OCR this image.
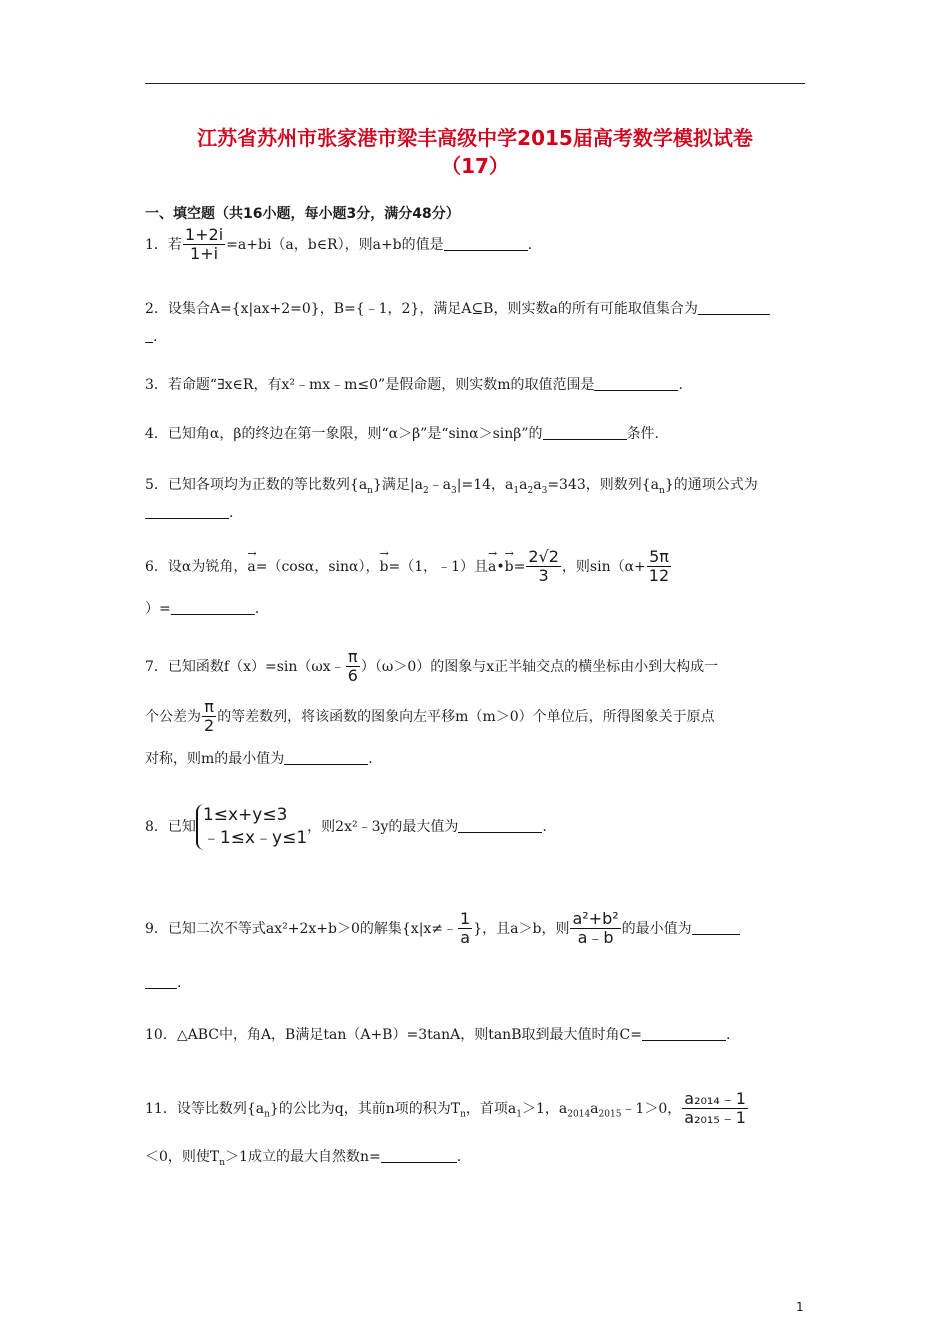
江苏省苏州市张家港市梁丰高级中学2015届高考数学模拟试卷
（17）
一、填空题（共16小题，每小题3分，满分48分）
1．若 $\frac{1+2i}{1+i} =a+bi(a$，b∈R），则a+b的值是	.
2．设集合A={x|ax+2=0}，B={﹣1，2}，满足A⊆B，则实数a的所有可能取值集合为
.
3．若命题“∃x∈R，有x²﹣mx﹣m≤0”是假命题，则实数m的取值范围是	.
4．已知角α，β的终边在第一象限，则“α＞β”是“sinα＞sinβ”的	条件.
5．已知各项均为正数的等比数列$\{a_n\}$满足$|a_2﹣a_3|=14$，$a_1a_2a_3=343$，则数列$\{a_n\}$的通项公式为
.
6．设α为锐角，→ a=（cosα，sinα），→ b=（1，﹣1）且→ a•→ $b= \frac{2√2}{3}$ ，则$\sin(\alpha+ \frac{5\pi}{12}$
）=	.
7．已知函数f（x）=sin（ωx﹣ $\frac{\pi}{6} )(\omega>0)$的图象与x正半轴交点的横坐标由小到大构成一
个公差为 $\frac{\pi}{2}$ 的等差数列，将该函数的图象向左平移m（m＞0）个单位后，所得图象关于原点
对称，则m的最小值为	.
8．已知
1≤x+y≤3
﹣1≤x﹣y≤1
，则2x²﹣3y的最大值为	.
9．已知二次不等式ax²+2x+b＞0的解集{x|x≠﹣ $\frac{1}{a}$ }，且a＞b，则 $\frac{\text{a²+b²}}{a﹣b}$ 的最小值为
.
10．△ABC中，角A，B满足tan（A+B）=3tanA，则tanB取到最大值时角C=	.
11．设等比数列$\{a_n\}$的公比为q，其前n项的积为$T_n$，首项$a_1>1$，$a_{2014}a_{2015}﹣1>0$， $\frac{\text{a₂₀₁₄﹣1}}{\text{a₂₀₁₅﹣1}}$
＜0，则使$T_n>1$成立的最大自然数n=	.
1
